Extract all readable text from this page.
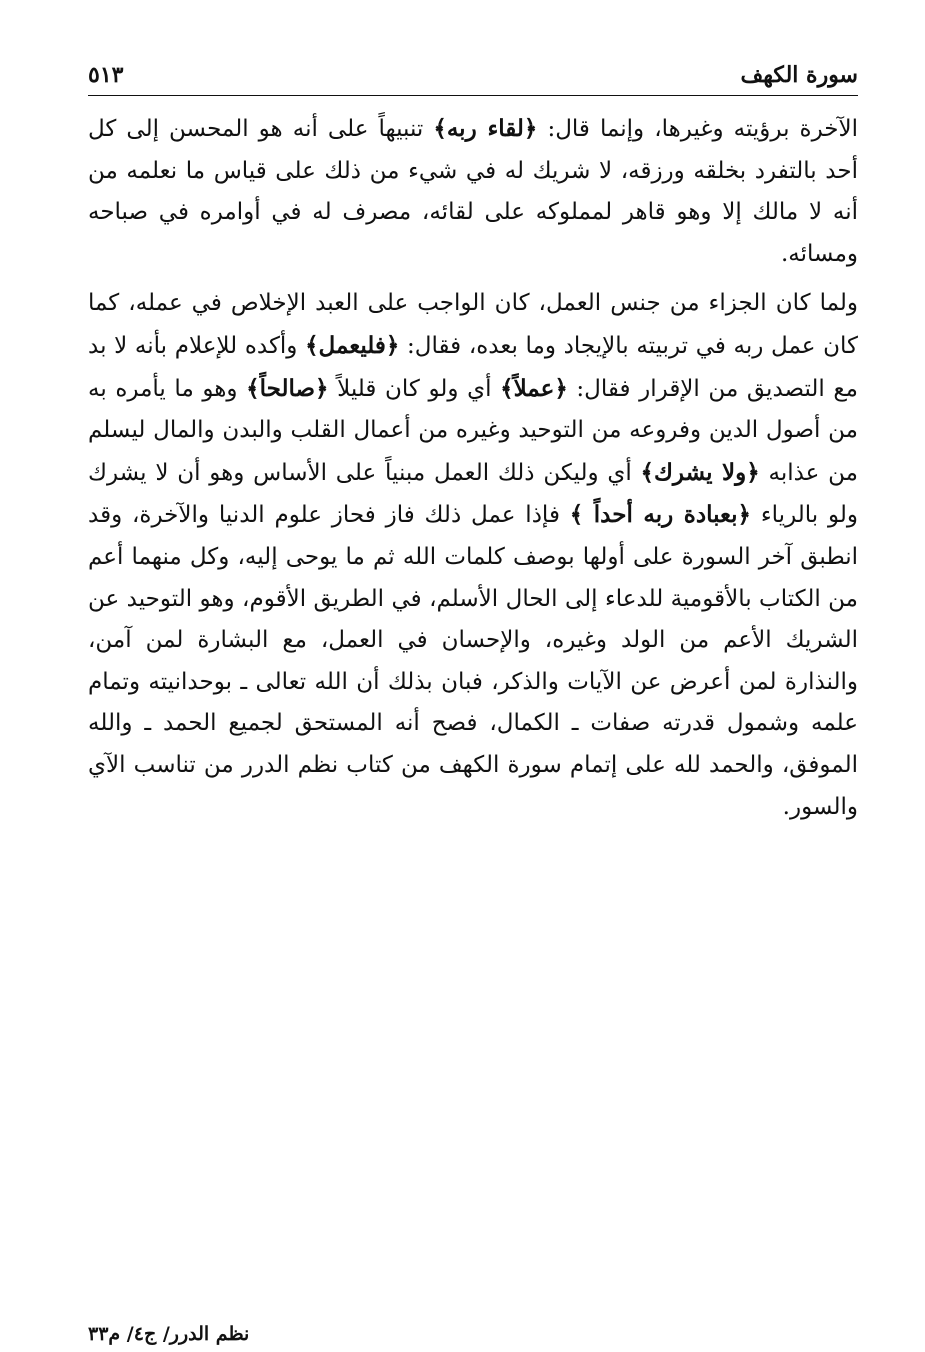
سورة الكهف
٥١٣

الآخرة برؤيته وغيرها، وإنما قال: ﴿لقاء ربه﴾ تنبيهاً على أنه هو المحسن إلى كل أحد بالتفرد بخلقه ورزقه، لا شريك له في شيء من ذلك على قياس ما نعلمه من أنه لا مالك إلا وهو قاهر لمملوكه على لقائه، مصرف له في أوامره في صباحه ومسائه.

ولما كان الجزاء من جنس العمل، كان الواجب على العبد الإخلاص في عمله، كما كان عمل ربه في تربيته بالإيجاد وما بعده، فقال: ﴿فليعمل﴾ وأكده للإعلام بأنه لا بد مع التصديق من الإقرار فقال: ﴿عملاً﴾ أي ولو كان قليلاً ﴿صالحاً﴾ وهو ما يأمره به من أصول الدين وفروعه من التوحيد وغيره من أعمال القلب والبدن والمال ليسلم من عذابه ﴿ولا يشرك﴾ أي وليكن ذلك العمل مبنياً على الأساس وهو أن لا يشرك ولو بالرياء ﴿بعبادة ربه أحداً ﴾ فإذا عمل ذلك فاز فحاز علوم الدنيا والآخرة، وقد انطبق آخر السورة على أولها بوصف كلمات الله ثم ما يوحى إليه، وكل منهما أعم من الكتاب بالأقومية للدعاء إلى الحال الأسلم، في الطريق الأقوم، وهو التوحيد عن الشريك الأعم من الولد وغيره، والإحسان في العمل، مع البشارة لمن آمن، والنذارة لمن أعرض عن الآيات والذكر، فبان بذلك أن الله تعالى ـ بوحدانيته وتمام علمه وشمول قدرته صفات ـ الكمال، فصح أنه المستحق لجميع الحمد ـ والله الموفق، والحمد لله على إتمام سورة الكهف من كتاب نظم الدرر من تناسب الآي والسور.

نظم الدرر/ ج٤/ م٣٣
